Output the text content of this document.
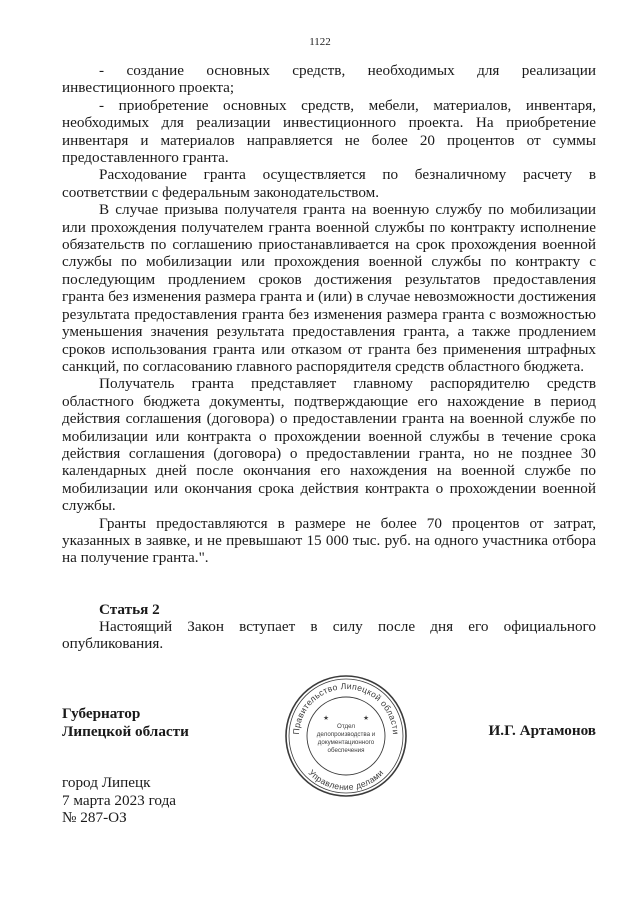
1122

- создание основных средств, необходимых для реализации инвестиционного проекта;

- приобретение основных средств, мебели, материалов, инвентаря, необходимых для реализации инвестиционного проекта. На приобретение инвентаря и материалов направляется не более 20 процентов от суммы предоставленного гранта.

Расходование гранта осуществляется по безналичному расчету в соответствии с федеральным законодательством.

В случае призыва получателя гранта на военную службу по мобилизации или прохождения получателем гранта военной службы по контракту исполнение обязательств по соглашению приостанавливается на срок прохождения военной службы по мобилизации или прохождения военной службы по контракту с последующим продлением сроков достижения результатов предоставления гранта без изменения размера гранта и (или) в случае невозможности достижения результата предоставления гранта без изменения размера гранта с возможностью уменьшения значения результата предоставления гранта, а также продлением сроков использования гранта или отказом от гранта без применения штрафных санкций, по согласованию главного распорядителя средств областного бюджета.

Получатель гранта представляет главному распорядителю средств областного бюджета документы, подтверждающие его нахождение в период действия соглашения (договора) о предоставлении гранта на военной службе по мобилизации или контракта о прохождении военной службы в течение срока действия соглашения (договора) о предоставлении гранта, но не позднее 30 календарных дней после окончания его нахождения на военной службе по мобилизации или окончания срока действия контракта о прохождении военной службы.

Гранты предоставляются в размере не более 70 процентов от затрат, указанных в заявке, и не превышают 15 000 тыс. руб. на одного участника отбора на получение гранта.".

Статья 2

Настоящий Закон вступает в силу после дня его официального опубликования.

Губернатор
Липецкой области	Правительство Липецкой области
Управление делами
★	★
Отдел
делопроизводства и
документационного
обеспечения
И.Г. Артамонов
город Липецк
7 марта 2023 года
№ 287-ОЗ
